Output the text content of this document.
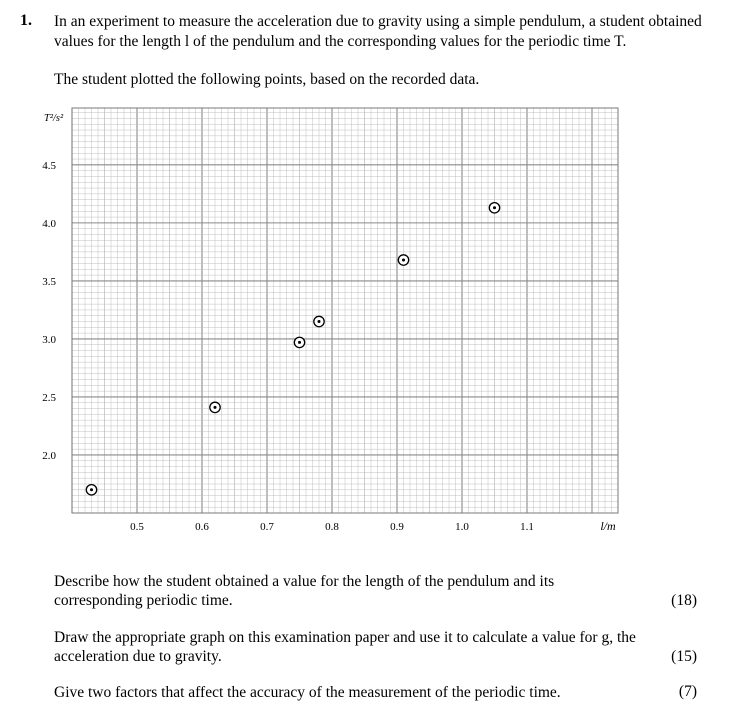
1. In an experiment to measure the acceleration due to gravity using a simple pendulum, a student obtained values for the length l of the pendulum and the corresponding values for the periodic time T.
The student plotted the following points, based on the recorded data.
0.5	0.6	0.7	0.8	0.9	1.0	1.1
4.5
4.0
3.5
3.0
2.5
2.0
l/m
T²/s²
Describe how the student obtained a value for the length of the pendulum and its corresponding periodic time.	(18)
Draw the appropriate graph on this examination paper and use it to calculate a value for g, the acceleration due to gravity.	(15)
Give two factors that affect the accuracy of the measurement of the periodic time.	(7)
